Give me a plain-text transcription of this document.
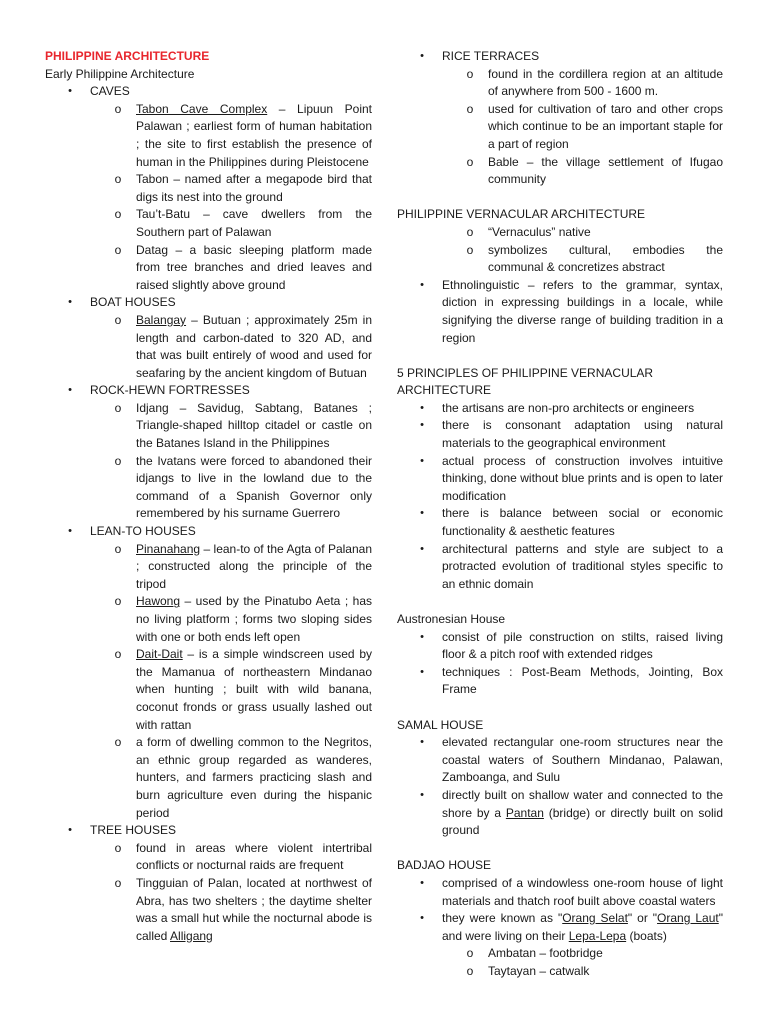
PHILIPPINE ARCHITECTURE

Early Philippine Architecture

•	CAVES
o Tabon Cave Complex – Lipuun Point Palawan ; earliest form of human habitation ; the site to first establish the presence of human in the Philippines during Pleistocene
o Tabon – named after a megapode bird that digs its nest into the ground
o Tau’t-Batu – cave dwellers from the Southern part of Palawan
o Datag – a basic sleeping platform made from tree branches and dried leaves and raised slightly above ground
•	BOAT HOUSES
o Balangay – Butuan ; approximately 25m in length and carbon-dated to 320 AD, and that was built entirely of wood and used for seafaring by the ancient kingdom of Butuan
•	ROCK-HEWN FORTRESSES
o Idjang – Savidug, Sabtang, Batanes ; Triangle-shaped hilltop citadel or castle on the Batanes Island in the Philippines
o the Ivatans were forced to abandoned their idjangs to live in the lowland due to the command of a Spanish Governor only remembered by his surname Guerrero
•	LEAN-TO HOUSES
o Pinanahang – lean-to of the Agta of Palanan ; constructed along the principle of the tripod
o Hawong – used by the Pinatubo Aeta ; has no living platform ; forms two sloping sides with one or both ends left open
o Dait-Dait – is a simple windscreen used by the Mamanua of northeastern Mindanao when hunting ; built with wild banana, coconut fronds or grass usually lashed out with rattan
o a form of dwelling common to the Negritos, an ethnic group regarded as wanderes, hunters, and farmers practicing slash and burn agriculture even during the hispanic period
•	TREE HOUSES
o found in areas where violent intertribal conflicts or nocturnal raids are frequent
o Tingguian of Palan, located at northwest of Abra, has two shelters ; the daytime shelter was a small hut while the nocturnal abode is called Alligang
•	RICE TERRACES
o found in the cordillera region at an altitude of anywhere from 500 - 1600 m.
o used for cultivation of taro and other crops which continue to be an important staple for a part of region
o Bable – the village settlement of Ifugao community

PHILIPPINE VERNACULAR ARCHITECTURE

o “Vernaculus” native
o symbolizes cultural, embodies the communal & concretizes abstract
•	Ethnolinguistic – refers to the grammar, syntax, diction in expressing buildings in a locale, while signifying the diverse range of building tradition in a region

5 PRINCIPLES OF PHILIPPINE VERNACULAR ARCHITECTURE

•	the artisans are non-pro architects or engineers
•	there is consonant adaptation using natural materials to the geographical environment
•	actual process of construction involves intuitive thinking, done without blue prints and is open to later modification
•	there is balance between social or economic functionality & aesthetic features
•	architectural patterns and style are subject to a protracted evolution of traditional styles specific to an ethnic domain

Austronesian House

•	consist of pile construction on stilts, raised living floor & a pitch roof with extended ridges
•	techniques : Post-Beam Methods, Jointing, Box Frame

SAMAL HOUSE

•	elevated rectangular one-room structures near the coastal waters of Southern Mindanao, Palawan, Zamboanga, and Sulu
•	directly built on shallow water and connected to the shore by a Pantan (bridge) or directly built on solid ground

BADJAO HOUSE

•	comprised of a windowless one-room house of light materials and thatch roof built above coastal waters
•	they were known as "Orang Selat" or "Orang Laut" and were living on their Lepa-Lepa (boats)
o Ambatan – footbridge
o Taytayan – catwalk
